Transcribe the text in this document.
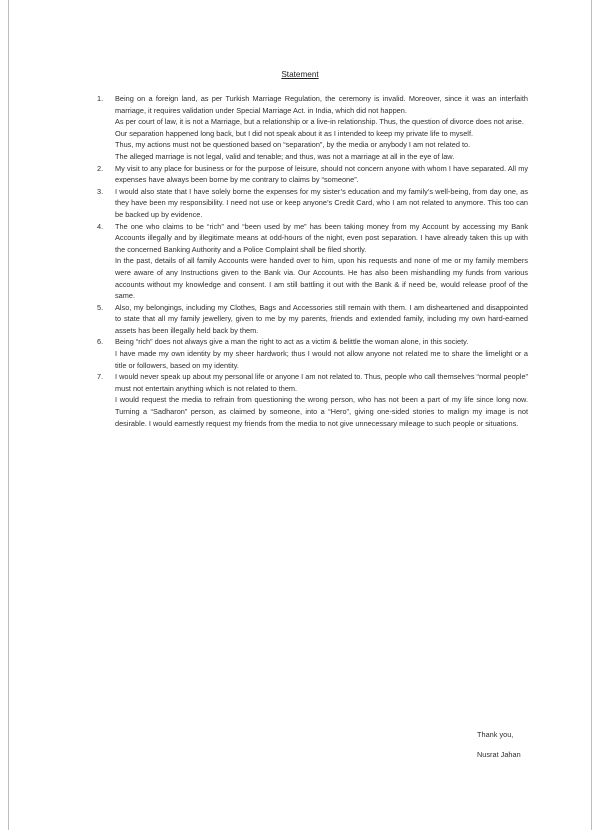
Statement
1.	Being on a foreign land, as per Turkish Marriage Regulation, the ceremony is invalid. Moreover, since it was an interfaith marriage, it requires validation under Special Marriage Act. in India, which did not happen.

As per court of law, it is not a Marriage, but a relationship or a live-in relationship. Thus, the question of divorce does not arise.

Our separation happened long back, but I did not speak about it as I intended to keep my private life to myself.

Thus, my actions must not be questioned based on “separation”, by the media or anybody I am not related to.

The alleged marriage is not legal, valid and tenable; and thus, was not a marriage at all in the eye of law.

2.	My visit to any place for business or for the purpose of leisure, should not concern anyone with whom I have separated. All my expenses have always been borne by me contrary to claims by “someone”.

3.	I would also state that I have solely borne the expenses for my sister’s education and my family’s well-being, from day one, as they have been my responsibility. I need not use or keep anyone’s Credit Card, who I am not related to anymore. This too can be backed up by evidence.

4.	The one who claims to be “rich” and “been used by me” has been taking money from my Account by accessing my Bank Accounts illegally and by illegitimate means at odd-hours of the night, even post separation. I have already taken this up with the concerned Banking Authority and a Police Complaint shall be filed shortly.

In the past, details of all family Accounts were handed over to him, upon his requests and none of me or my family members were aware of any Instructions given to the Bank via. Our Accounts. He has also been mishandling my funds from various accounts without my knowledge and consent. I am still battling it out with the Bank & if need be, would release proof of the same.

5.	Also, my belongings, including my Clothes, Bags and Accessories still remain with them. I am disheartened and disappointed to state that all my family jewellery, given to me by my parents, friends and extended family, including my own hard-earned assets has been illegally held back by them.

6.	Being “rich” does not always give a man the right to act as a victim & belittle the woman alone, in this society.

I have made my own identity by my sheer hardwork; thus I would not allow anyone not related me to share the limelight or a title or followers, based on my identity.

7.	I would never speak up about my personal life or anyone I am not related to. Thus, people who call themselves “normal people” must not entertain anything which is not related to them.

I would request the media to refrain from questioning the wrong person, who has not been a part of my life since long now. Turning a “Sadharon” person, as claimed by someone, into a “Hero”, giving one-sided stories to malign my image is not desirable. I would earnestly request my friends from the media to not give unnecessary mileage to such people or situations.

Thank you,
Nusrat Jahan
